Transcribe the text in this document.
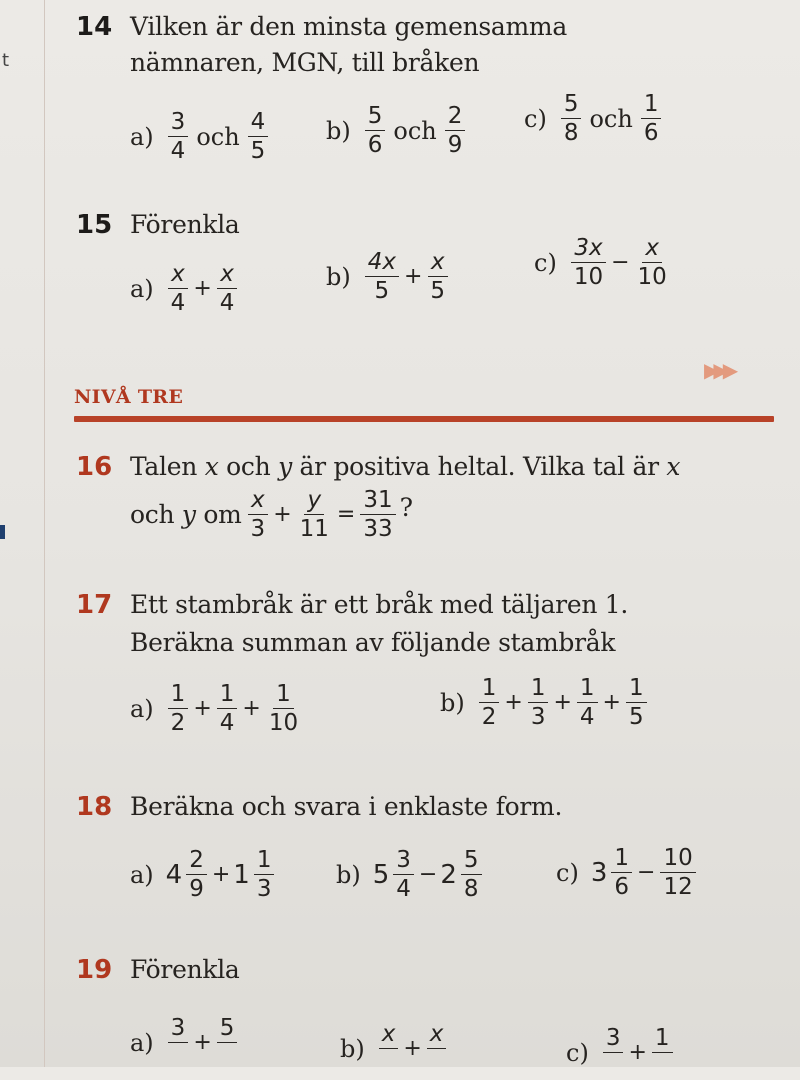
t
14 Vilken är den minsta gemensamma
nämnaren, MGN, till bråken
$a) \frac{3}{4}$ och $\frac{4}{5} b) \frac{5}{6}$ och $\frac{2}{9} c) \frac{5}{8}$ och $\frac{1}{6}$
15 Förenkla
$a) \frac{x}{4} + \frac{x}{4}$	$b) \frac{4x}{5} + \frac{x}{5}$	$c) \frac{3x}{10} - \frac{x}{10}$
▶▶▶
NIVÅ TRE
16 Talen x och y är positiva heltal. Vilka tal är x
och y om $\frac{x}{3} + \frac{y}{11} = \frac{31}{33}$ ?
17 Ett stambråk är ett bråk med täljaren 1.
Beräkna summan av följande stambråk
$a) \frac{1}{2} + \frac{1}{4} + \frac{1}{10}$	$b) \frac{1}{2} + \frac{1}{3} + \frac{1}{4} + \frac{1}{5}$
18 Beräkna och svara i enklaste form.
a) $4 \frac{2}{9} + 1 \frac{1}{3}$	b) $5 \frac{3}{4} - 2 \frac{5}{8}$	c) $3 \frac{1}{6} - \frac{10}{12}$
19 Förenkla
a)
3

+
5

b)
x

+
x

c)
3

+
1
